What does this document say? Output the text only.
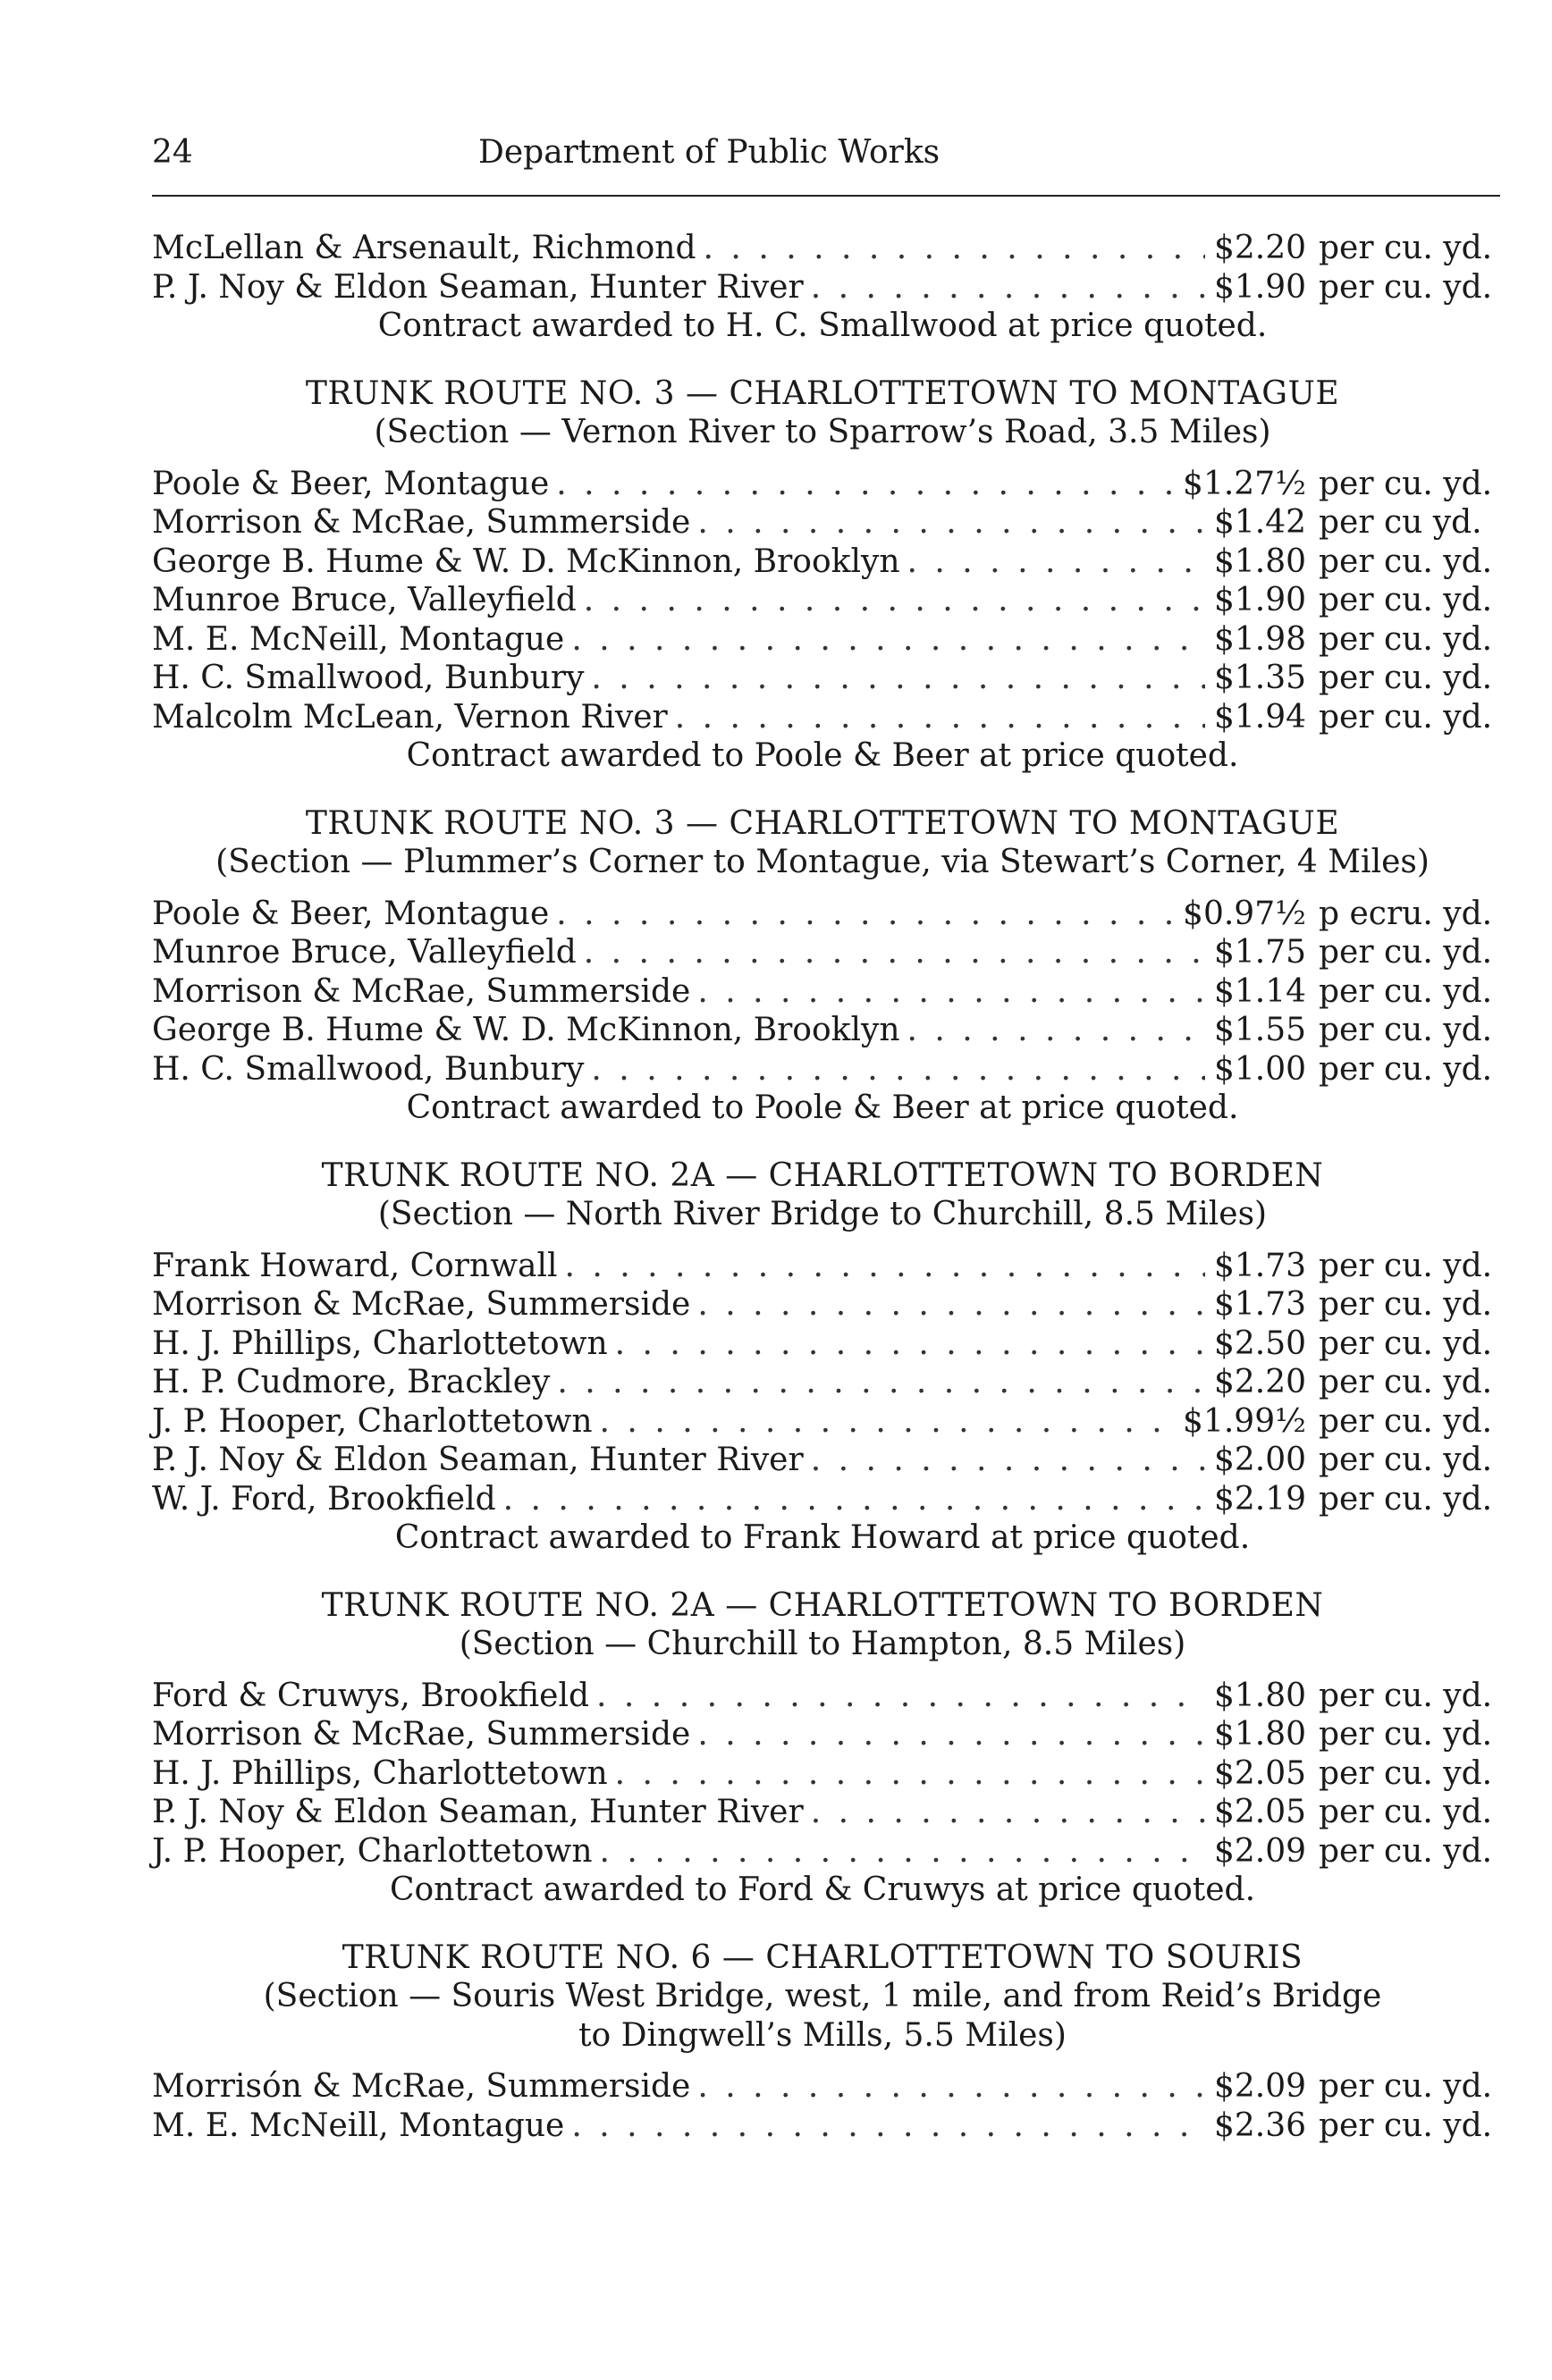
24	Department of Public Works
McLellan & Arsenault, Richmond . . .	$2.20 per cu. yd.
P. J. Noy & Eldon Seaman, Hunter River . . .	$1.90 per cu. yd.
Contract awarded to H. C. Smallwood at price quoted.
TRUNK ROUTE NO. 3 — CHARLOTTETOWN TO MONTAGUE
(Section — Vernon River to Sparrow’s Road, 3.5 Miles)
Poole & Beer, Montague . . .	$1.27½ per cu. yd.
Morrison & McRae, Summerside . . .	$1.42 per cu yd.
George B. Hume & W. D. McKinnon, Brooklyn . . .	$1.80 per cu. yd.
Munroe Bruce, Valleyfield . . .	$1.90 per cu. yd.
M. E. McNeill, Montague . . .	$1.98 per cu. yd.
H. C. Smallwood, Bunbury . . .	$1.35 per cu. yd.
Malcolm McLean, Vernon River . . .	$1.94 per cu. yd.
Contract awarded to Poole & Beer at price quoted.
TRUNK ROUTE NO. 3 — CHARLOTTETOWN TO MONTAGUE
(Section — Plummer’s Corner to Montague, via Stewart’s Corner, 4 Miles)
Poole & Beer, Montague . . .	$0.97½ p ecru. yd.
Munroe Bruce, Valleyfield . . .	$1.75 per cu. yd.
Morrison & McRae, Summerside . . .	$1.14 per cu. yd.
George B. Hume & W. D. McKinnon, Brooklyn . . .	$1.55 per cu. yd.
H. C. Smallwood, Bunbury . . .	$1.00 per cu. yd.
Contract awarded to Poole & Beer at price quoted.
TRUNK ROUTE NO. 2A — CHARLOTTETOWN TO BORDEN
(Section — North River Bridge to Churchill, 8.5 Miles)
Frank Howard, Cornwall . . .	$1.73 per cu. yd.
Morrison & McRae, Summerside . . .	$1.73 per cu. yd.
H. J. Phillips, Charlottetown . . .	$2.50 per cu. yd.
H. P. Cudmore, Brackley . . .	$2.20 per cu. yd.
J. P. Hooper, Charlottetown . . .	$1.99½ per cu. yd.
P. J. Noy & Eldon Seaman, Hunter River . . .	$2.00 per cu. yd.
W. J. Ford, Brookfield . . .	$2.19 per cu. yd.
Contract awarded to Frank Howard at price quoted.
TRUNK ROUTE NO. 2A — CHARLOTTETOWN TO BORDEN
(Section — Churchill to Hampton, 8.5 Miles)
Ford & Cruwys, Brookfield . . .	$1.80 per cu. yd.
Morrison & McRae, Summerside . . .	$1.80 per cu. yd.
H. J. Phillips, Charlottetown . . .	$2.05 per cu. yd.
P. J. Noy & Eldon Seaman, Hunter River . . .	$2.05 per cu. yd.
J. P. Hooper, Charlottetown . . .	$2.09 per cu. yd.
Contract awarded to Ford & Cruwys at price quoted.
TRUNK ROUTE NO. 6 — CHARLOTTETOWN TO SOURIS
(Section — Souris West Bridge, west, 1 mile, and from Reid’s Bridge
to Dingwell’s Mills, 5.5 Miles)
Morrisón & McRae, Summerside . . .	$2.09 per cu. yd.
M. E. McNeill, Montague . . .	$2.36 per cu. yd.
